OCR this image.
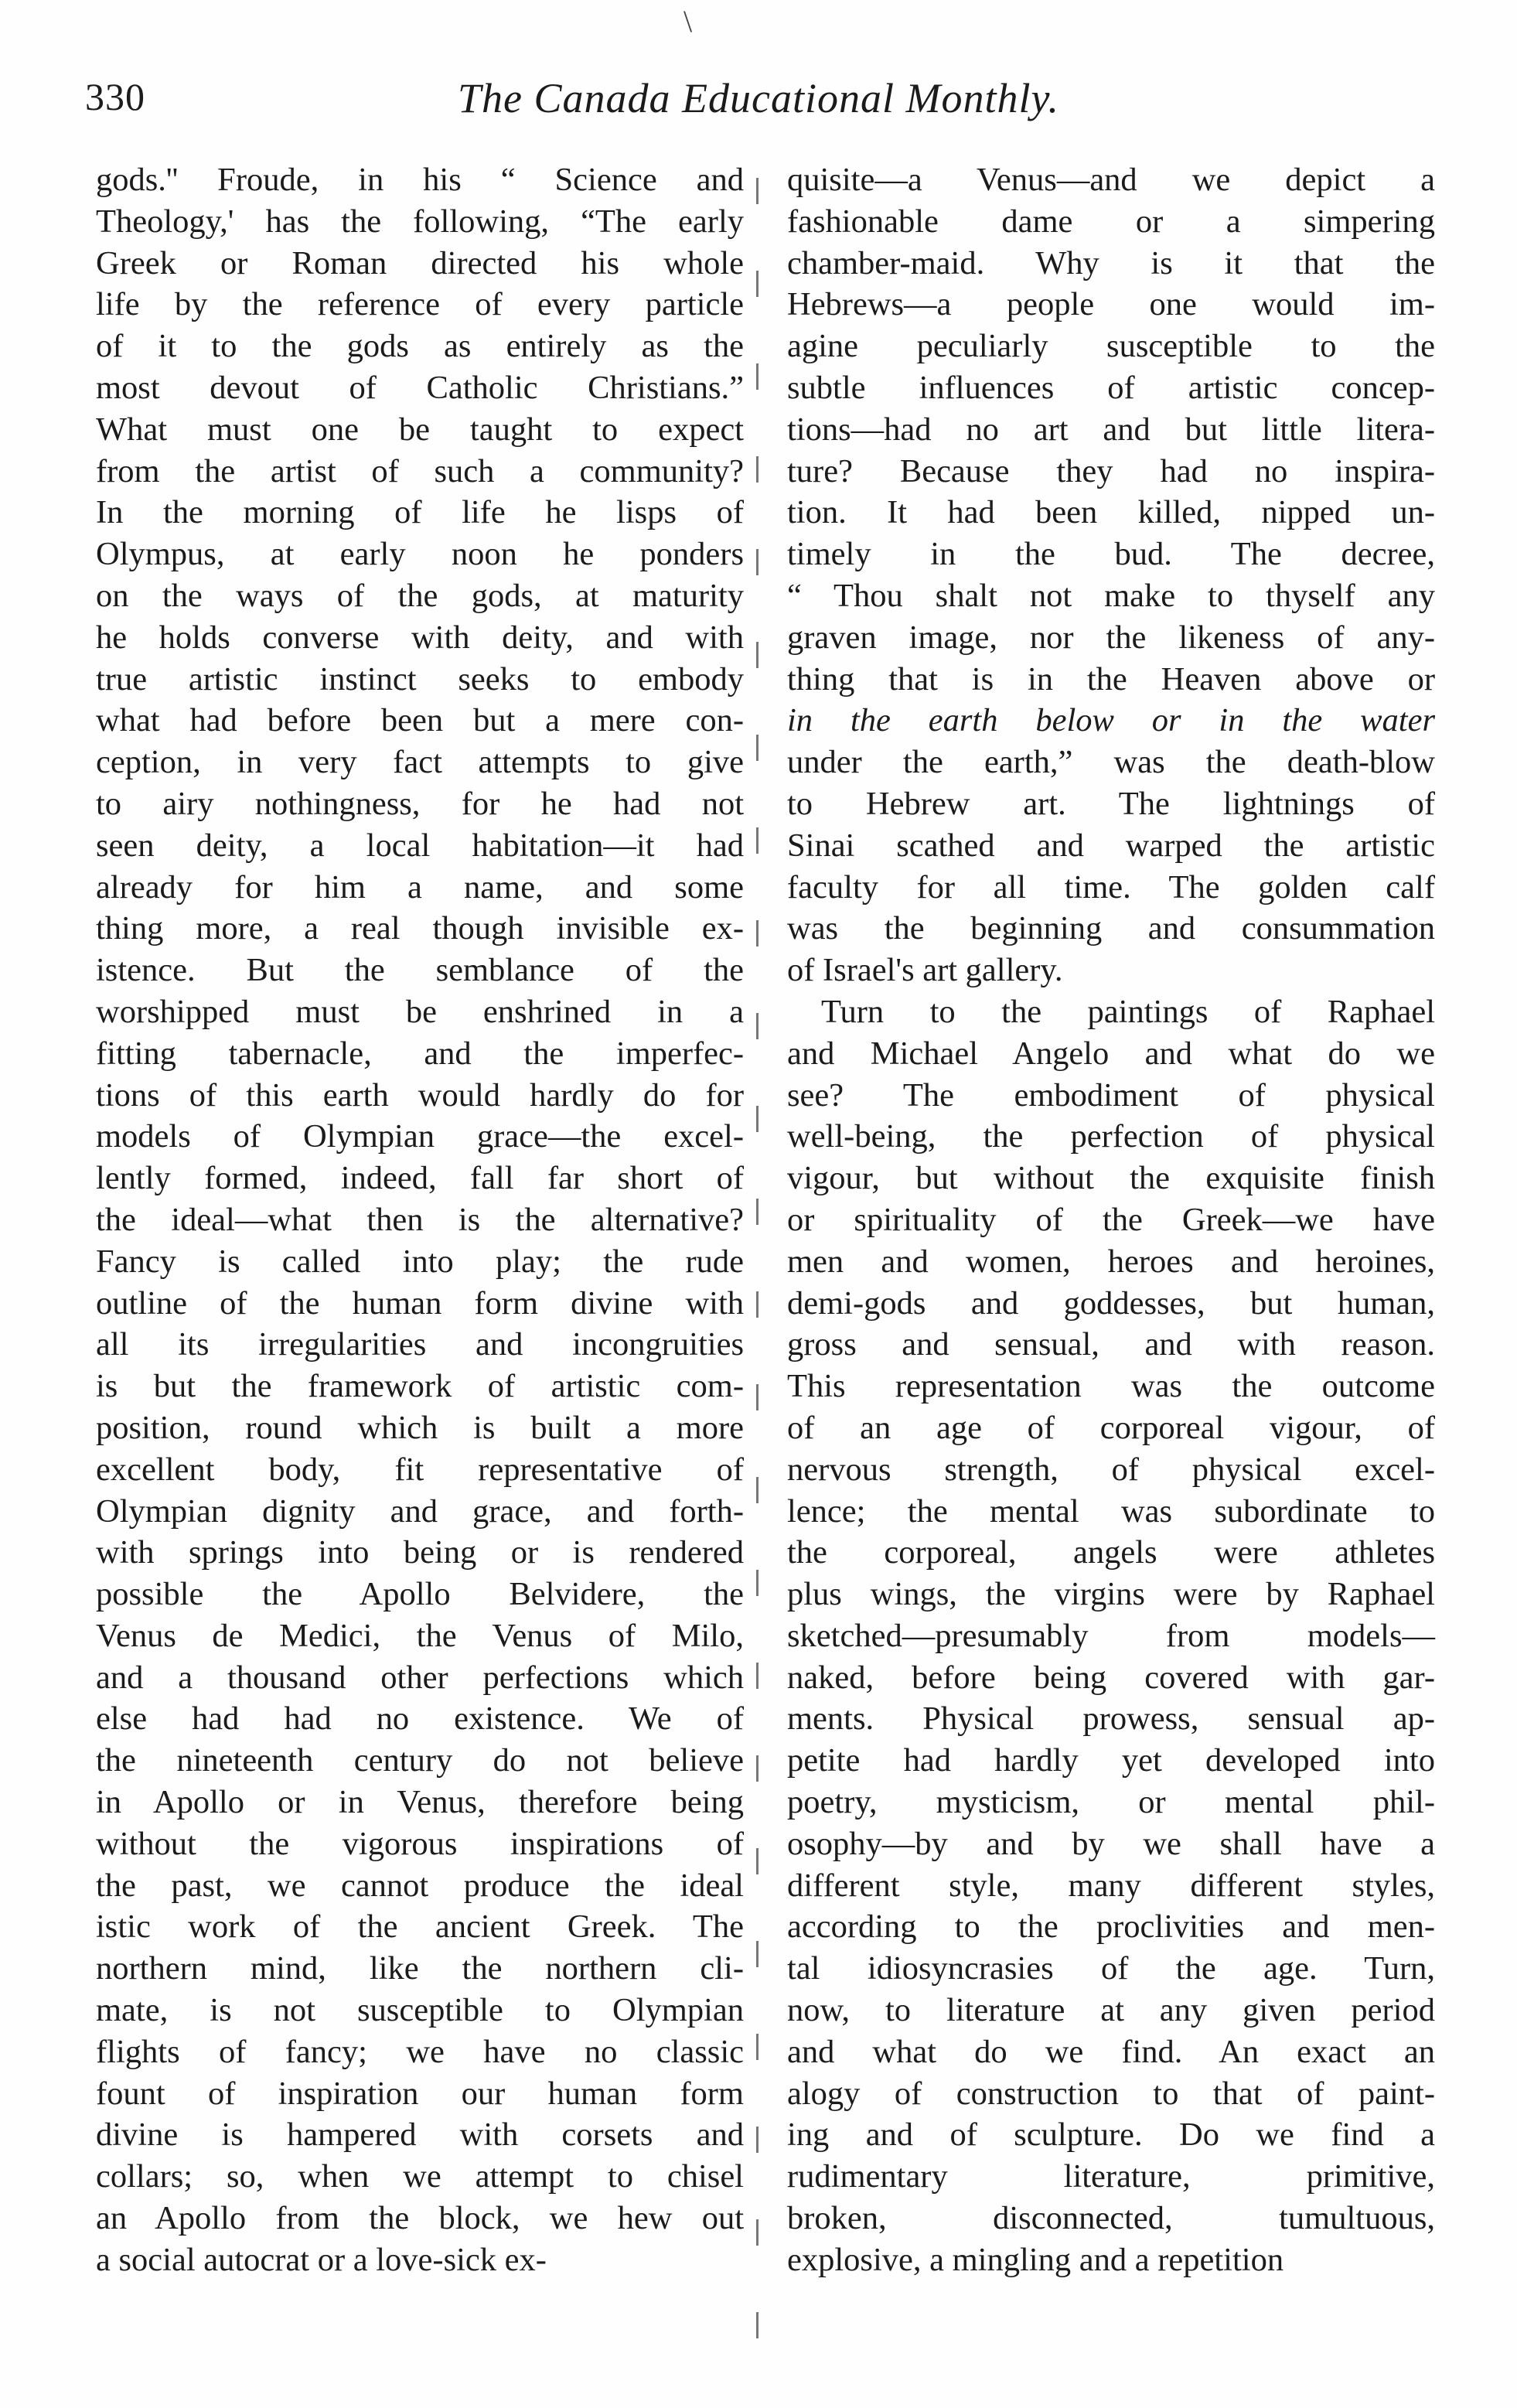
\
330	The Canada Educational Monthly.
gods.'' Froude, in his “ Science and
Theology,' has the following, “The early
Greek or Roman directed his whole
life by the reference of every particle
of it to the gods as entirely as the
most devout of Catholic Christians.”
What must one be taught to expect
from the artist of such a community?
In the morning of life he lisps of
Olympus, at early noon he ponders
on the ways of the gods, at maturity
he holds converse with deity, and with
true artistic instinct seeks to embody
what had before been but a mere con-
ception, in very fact attempts to give
to airy nothingness, for he had not
seen deity, a local habitation—it had
already for him a name, and some
thing more, a real though invisible ex-
istence. But the semblance of the
worshipped must be enshrined in a
fitting tabernacle, and the imperfec-
tions of this earth would hardly do for
models of Olympian grace—the excel-
lently formed, indeed, fall far short of
the ideal—what then is the alternative?
Fancy is called into play; the rude
outline of the human form divine with
all its irregularities and incongruities
is but the framework of artistic com-
position, round which is built a more
excellent body, fit representative of
Olympian dignity and grace, and forth-
with springs into being or is rendered
possible the Apollo Belvidere, the
Venus de Medici, the Venus of Milo,
and a thousand other perfections which
else had had no existence. We of
the nineteenth century do not believe
in Apollo or in Venus, therefore being
without the vigorous inspirations of
the past, we cannot produce the ideal
istic work of the ancient Greek. The
northern mind, like the northern cli-
mate, is not susceptible to Olympian
flights of fancy; we have no classic
fount of inspiration our human form
divine is hampered with corsets and
collars; so, when we attempt to chisel
an Apollo from the block, we hew out
a social autocrat or a love-sick ex-
quisite—a Venus—and we depict a
fashionable dame or a simpering
chamber-maid. Why is it that the
Hebrews—a people one would im-
agine peculiarly susceptible to the
subtle influences of artistic concep-
tions—had no art and but little litera-
ture? Because they had no inspira-
tion. It had been killed, nipped un-
timely in the bud. The decree,
“ Thou shalt not make to thyself any
graven image, nor the likeness of any-
thing that is in the Heaven above or
in the earth below or in the water
under the earth,” was the death-blow
to Hebrew art. The lightnings of
Sinai scathed and warped the artistic
faculty for all time. The golden calf
was the beginning and consummation
of Israel's art gallery.
Turn to the paintings of Raphael
and Michael Angelo and what do we
see? The embodiment of physical
well-being, the perfection of physical
vigour, but without the exquisite finish
or spirituality of the Greek—we have
men and women, heroes and heroines,
demi-gods and goddesses, but human,
gross and sensual, and with reason.
This representation was the outcome
of an age of corporeal vigour, of
nervous strength, of physical excel-
lence; the mental was subordinate to
the corporeal, angels were athletes
plus wings, the virgins were by Raphael
sketched—presumably from models—
naked, before being covered with gar-
ments. Physical prowess, sensual ap-
petite had hardly yet developed into
poetry, mysticism, or mental phil-
osophy—by and by we shall have a
different style, many different styles,
according to the proclivities and men-
tal idiosyncrasies of the age. Turn,
now, to literature at any given period
and what do we find. An exact an
alogy of construction to that of paint-
ing and of sculpture. Do we find a
rudimentary literature, primitive,
broken, disconnected, tumultuous,
explosive, a mingling and a repetition
